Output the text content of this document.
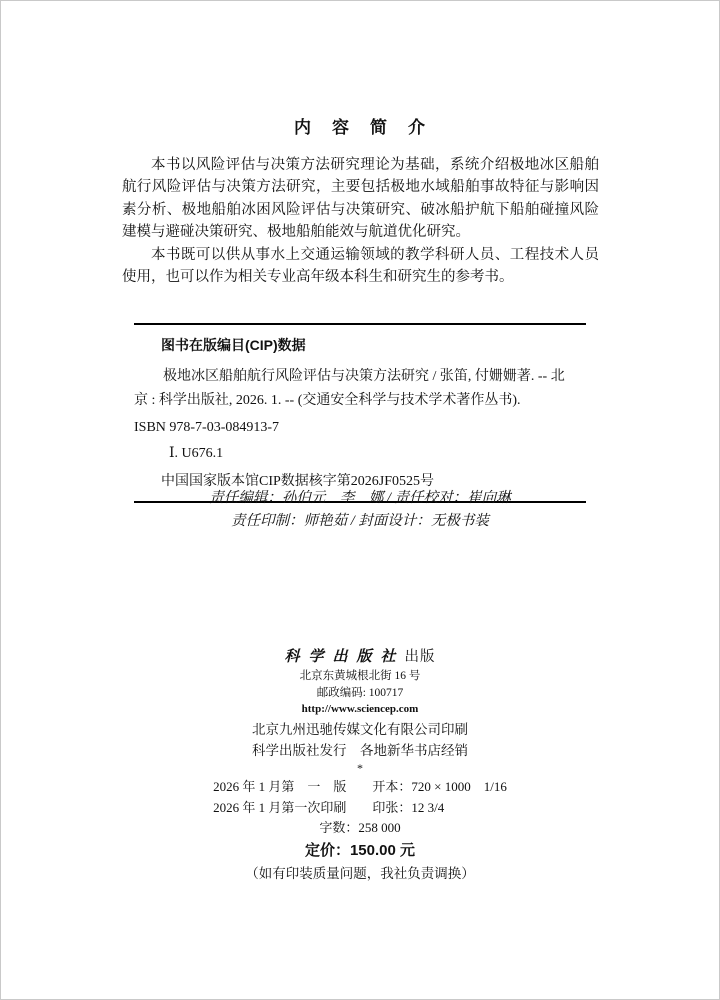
内　容　简　介

本书以风险评估与决策方法研究理论为基础，系统介绍极地冰区船舶航行风险评估与决策方法研究，主要包括极地水域船舶事故特征与影响因素分析、极地船舶冰困风险评估与决策研究、破冰船护航下船舶碰撞风险建模与避碰决策研究、极地船舶能效与航道优化研究。

本书既可以供从事水上交通运输领域的教学科研人员、工程技术人员使用，也可以作为相关专业高年级本科生和研究生的参考书。

图书在版编目(CIP)数据

极地冰区船舶航行风险评估与决策方法研究 / 张笛, 付姗姗著. -- 北

京 : 科学出版社, 2026. 1. -- (交通安全科学与技术学术著作丛书).

ISBN 978-7-03-084913-7

Ⅰ. U676.1

中国国家版本馆CIP数据核字第2026JF0525号

责任编辑：孙伯元　李　娜 / 责任校对：崔向琳

责任印制：师艳茹 / 封面设计：无极书装

科学出版社出版

北京东黄城根北街 16 号

邮政编码: 100717

http://www.sciencep.com

北京九州迅驰传媒文化有限公司印刷

科学出版社发行　各地新华书店经销

*

2026 年 1 月第　一　版　　开本：720 × 1000　1/16

2026 年 1 月第一次印刷　　印张：12 3/4

字数：258 000

定价：150.00 元

（如有印装质量问题，我社负责调换）
